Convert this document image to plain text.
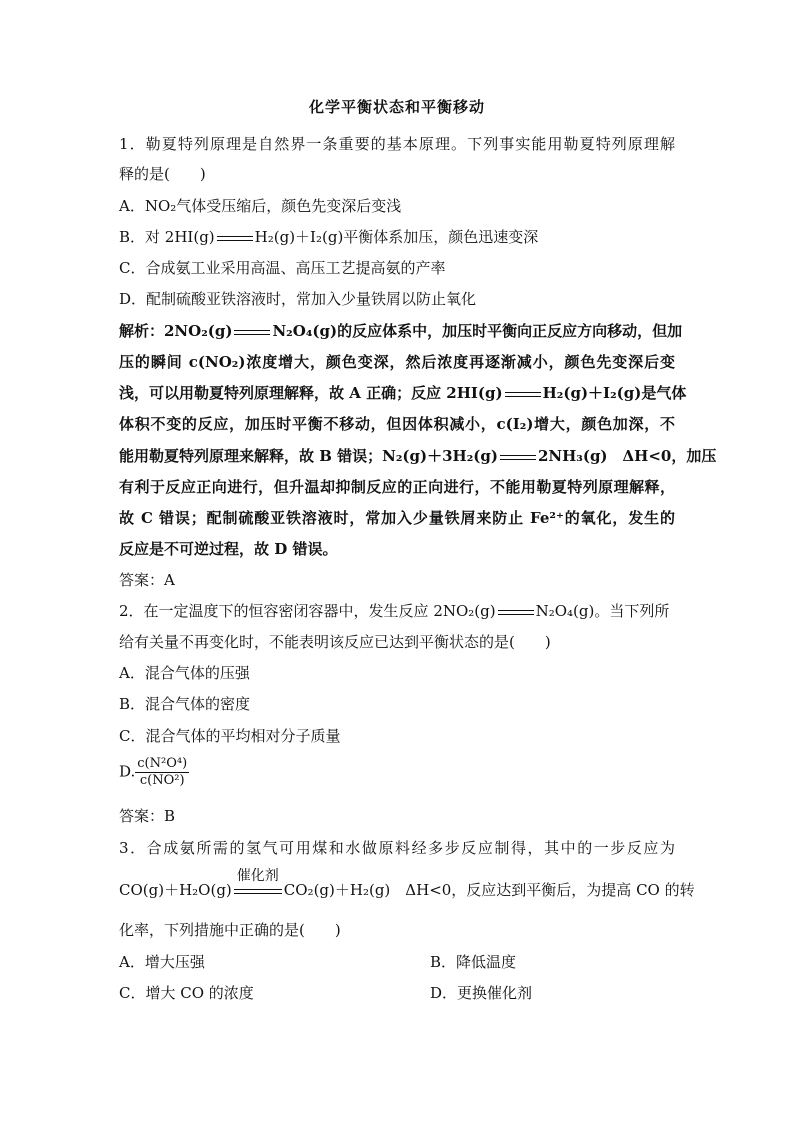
化学平衡状态和平衡移动
1．勒夏特列原理是自然界一条重要的基本原理。下列事实能用勒夏特列原理解
释的是(　　)
A．NO₂气体受压缩后，颜色先变深后变浅
B．对 2HI(g)	H₂(g)＋I₂(g)平衡体系加压，颜色迅速变深
C．合成氨工业采用高温、高压工艺提高氨的产率
D．配制硫酸亚铁溶液时，常加入少量铁屑以防止氧化
解析：2NO₂(g)	N₂O₄(g)的反应体系中，加压时平衡向正反应方向移动，但加
压的瞬间 c(NO₂)浓度增大，颜色变深，然后浓度再逐渐减小，颜色先变深后变
浅，可以用勒夏特列原理解释，故 A 正确；反应 2HI(g)	H₂(g)＋I₂(g)是气体
体积不变的反应，加压时平衡不移动，但因体积减小，c(I₂)增大，颜色加深，不
能用勒夏特列原理来解释，故 B 错误；N₂(g)＋3H₂(g)	2NH₃(g)　ΔH<0，加压
有利于反应正向进行，但升温却抑制反应的正向进行，不能用勒夏特列原理解释，
故 C 错误；配制硫酸亚铁溶液时，常加入少量铁屑来防止 Fe²⁺的氧化，发生的
反应是不可逆过程，故 D 错误。
答案：A
2．在一定温度下的恒容密闭容器中，发生反应 2NO₂(g)	N₂O₄(g)。当下列所
给有关量不再变化时，不能表明该反应已达到平衡状态的是(　　)
A．混合气体的压强
B．混合气体的密度
C．混合气体的平均相对分子质量
D. $\frac{\text{c(N²O⁴)}}{\text{c(NO²)}}$
答案：B
3．合成氨所需的氢气可用煤和水做原料经多步反应制得，其中的一步反应为
CO(g)＋H₂O(g)
催化剂
CO₂(g)＋H₂(g)　ΔH<0，反应达到平衡后，为提高 CO 的转
化率，下列措施中正确的是(　　)
A．增大压强	B．降低温度
C．增大 CO 的浓度	D．更换催化剂
